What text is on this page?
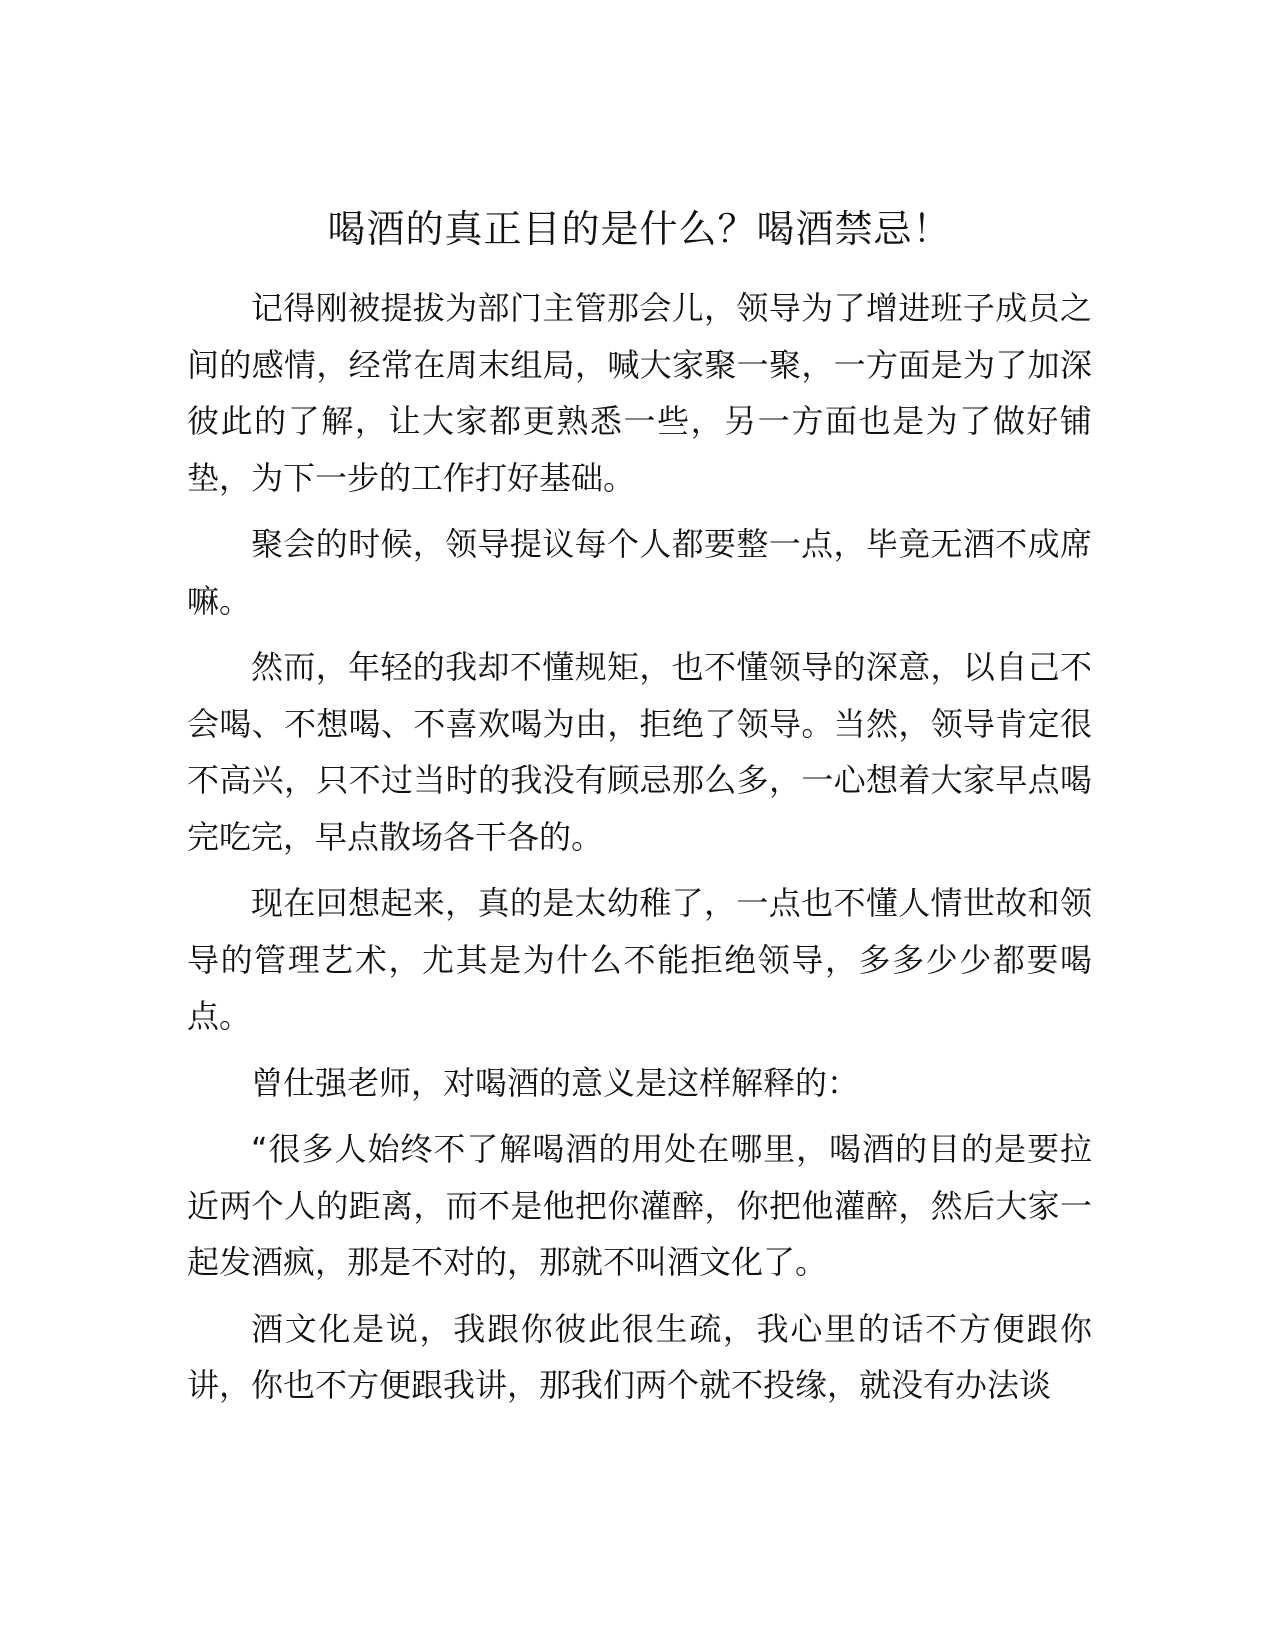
喝酒的真正目的是什么？喝酒禁忌！

记得刚被提拔为部门主管那会儿，领导为了增进班子成员之间的感情，经常在周末组局，喊大家聚一聚，一方面是为了加深彼此的了解，让大家都更熟悉一些，另一方面也是为了做好铺垫，为下一步的工作打好基础。

聚会的时候，领导提议每个人都要整一点，毕竟无酒不成席嘛。

然而，年轻的我却不懂规矩，也不懂领导的深意，以自己不会喝、不想喝、不喜欢喝为由，拒绝了领导。当然，领导肯定很不高兴，只不过当时的我没有顾忌那么多，一心想着大家早点喝完吃完，早点散场各干各的。

现在回想起来，真的是太幼稚了，一点也不懂人情世故和领导的管理艺术，尤其是为什么不能拒绝领导，多多少少都要喝点。

曾仕强老师，对喝酒的意义是这样解释的：

“很多人始终不了解喝酒的用处在哪里，喝酒的目的是要拉近两个人的距离，而不是他把你灌醉，你把他灌醉，然后大家一起发酒疯，那是不对的，那就不叫酒文化了。

酒文化是说，我跟你彼此很生疏，我心里的话不方便跟你讲，你也不方便跟我讲，那我们两个就不投缘，就没有办法谈
